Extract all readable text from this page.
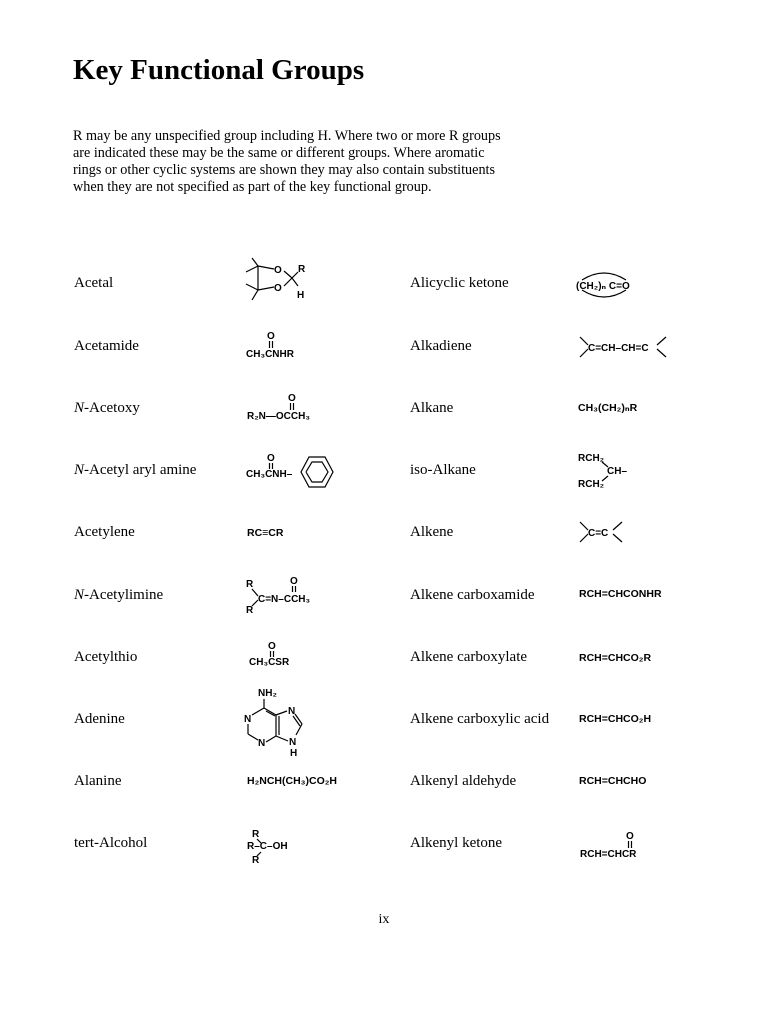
Key Functional Groups
R may be any unspecified group including H. Where two or more R groups
are indicated these may be the same or different groups. Where aromatic
rings or other cyclic systems are shown they may also contain substituents
when they are not specified as part of the key functional group.
Acetal
Acetamide
N-Acetoxy
N-Acetyl aryl amine
Acetylene
N-Acetylimine
Acetylthio
Adenine
Alanine
tert-Alcohol
Alicyclic ketone
Alkadiene
Alkane
iso-Alkane
Alkene
Alkene carboxamide
Alkene carboxylate
Alkene carboxylic acid
Alkenyl aldehyde
Alkenyl ketone
RC≡CR
H₂NCH(CH₃)CO₂H
CH₃(CH₂)ₙR
RCH=CHCONHR
RCH=CHCO₂R
RCH=CHCO₂H
RCH=CHCHO
O
O
R
H
O
CH₃CNHR
O
R₂N—OCCH₃
O
CH₃CNH–
R
R
O
C=N–CCH₃
O
CH₃CSR
NH₂
N
N
N
N
H
R
R–C–OH
R
(CH₂)ₙ C=O
C=CH–CH=C
RCH₂
CH–
RCH₂
C=C
O
RCH=CHCR
ix
